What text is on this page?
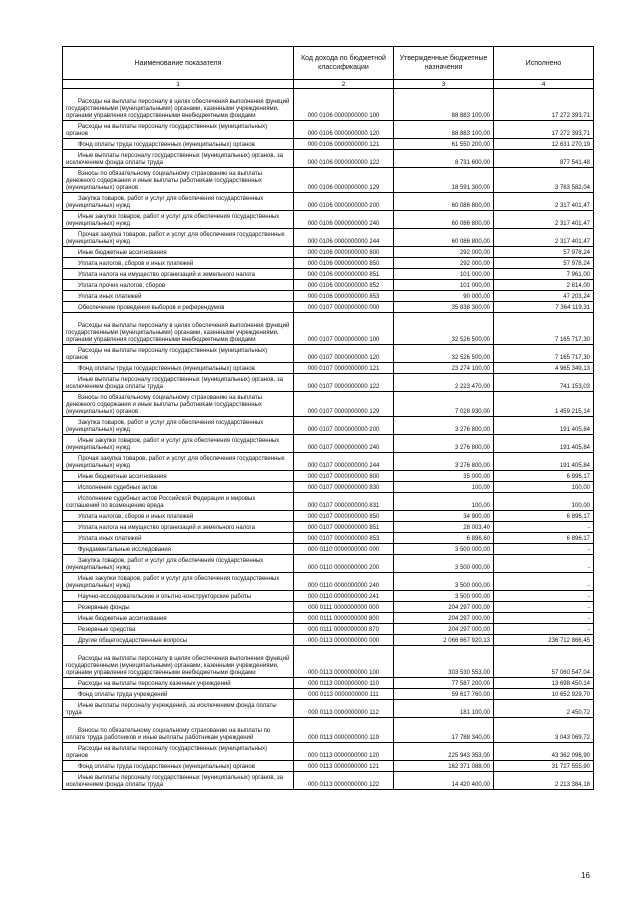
Наименование показателя	Код дохода по бюджетной классификации	Утвержденные бюджетные назначения	Исполнено
1	2	3	4
Расходы на выплаты персоналу в целях обеспечения выполнения функций государственными (муниципальными) органами, казенными учреждениями, органами управления государственными внебюджетными фондами	000 0106 0000000000 100	88 883 100,00	17 272 393,71
Расходы на выплаты персоналу государственных (муниципальных) органов	000 0106 0000000000 120	88 883 100,00	17 272 393,71
Фонд оплаты труда государственных (муниципальных) органов	000 0106 0000000000 121	61 550 200,00	12 631 270,19
Иные выплаты персоналу государственных (муниципальных) органов, за исключением фонда оплаты труда	000 0106 0000000000 122	8 731 600,00	877 541,48
Взносы по обязательному социальному страхованию на выплаты денежного содержания и иные выплаты работникам государственных (муниципальных) органов	000 0106 0000000000 129	18 591 300,00	3 763 582,04
Закупка товаров, работ и услуг для обеспечения государственных (муниципальных) нужд	000 0106 0000000000 200	60 086 800,00	2 317 401,47
Иные закупки товаров, работ и услуг для обеспечения государственных (муниципальных) нужд	000 0106 0000000000 240	60 086 800,00	2 317 401,47
Прочая закупка товаров, работ и услуг для обеспечения государственных (муниципальных) нужд	000 0106 0000000000 244	60 086 800,00	2 317 401,47
Иные бюджетные ассигнования	000 0106 0000000000 800	292 000,00	57 978,24
Уплата налогов, сборов и иных платежей	000 0106 0000000000 850	292 000,00	57 978,24
Уплата налога на имущество организаций и земельного налога	000 0106 0000000000 851	101 000,00	7 961,00
Уплата прочих налогов, сборов	000 0106 0000000000 852	101 000,00	2 814,00
Уплата иных платежей	000 0106 0000000000 853	90 000,00	47 203,24
Обеспечение проведения выборов и референдумов	000 0107 0000000000 000	35 838 300,00	7 364 119,31
Расходы на выплаты персоналу в целях обеспечения выполнения функций государственными (муниципальными) органами, казенными учреждениями, органами управления государственными внебюджетными фондами	000 0107 0000000000 100	32 526 500,00	7 165 717,30
Расходы на выплаты персоналу государственных (муниципальных) органов	000 0107 0000000000 120	32 526 500,00	7 165 717,30
Фонд оплаты труда государственных (муниципальных) органов	000 0107 0000000000 121	23 274 100,00	4 965 349,13
Иные выплаты персоналу государственных (муниципальных) органов, за исключением фонда оплаты труда	000 0107 0000000000 122	2 223 470,00	741 153,03
Взносы по обязательному социальному страхованию на выплаты денежного содержания и иные выплаты работникам государственных (муниципальных) органов	000 0107 0000000000 129	7 028 930,00	1 459 215,14
Закупка товаров, работ и услуг для обеспечения государственных (муниципальных) нужд	000 0107 0000000000 200	3 276 800,00	191 405,84
Иные закупки товаров, работ и услуг для обеспечения государственных (муниципальных) нужд	000 0107 0000000000 240	3 276 800,00	191 405,84
Прочая закупка товаров, работ и услуг для обеспечения государственных (муниципальных) нужд	000 0107 0000000000 244	3 276 800,00	191 405,84
Иные бюджетные ассигнования	000 0107 0000000000 800	35 000,00	6 996,17
Исполнение судебных актов	000 0107 0000000000 830	100,00	100,00
Исполнение судебных актов Российской Федерации и мировых соглашений по возмещению вреда	000 0107 0000000000 831	100,00	100,00
Уплата налогов, сборов и иных платежей	000 0107 0000000000 850	34 900,00	6 896,17
Уплата налога на имущество организаций и земельного налога	000 0107 0000000000 851	28 003,40	-
Уплата иных платежей	000 0107 0000000000 853	6 896,60	6 896,17
Фундаментальные исследования	000 0110 0000000000 000	3 500 000,00	-
Закупка товаров, работ и услуг для обеспечения государственных (муниципальных) нужд	000 0110 0000000000 200	3 500 000,00	-
Иные закупки товаров, работ и услуг для обеспечения государственных (муниципальных) нужд	000 0110 0000000000 240	3 500 000,00	-
Научно-исследовательские и опытно-конструкторские работы	000 0110 0000000000 241	3 500 000,00	-
Резервные фонды	000 0111 0000000000 000	204 297 000,00	-
Иные бюджетные ассигнования	000 0111 0000000000 800	204 297 000,00	-
Резервные средства	000 0111 0000000000 870	204 297 000,00	-
Другие общегосударственные вопросы	000 0113 0000000000 000	2 066 667 920,13	236 712 866,45
Расходы на выплаты персоналу в целях обеспечения выполнения функций государственными (муниципальными) органами, казенными учреждениями, органами управления государственными внебюджетными фондами	000 0113 0000000000 100	303 530 553,00	57 060 547,04
Расходы на выплаты персоналу казенных учреждений	000 0113 0000000000 110	77 587 200,00	13 698 450,14
Фонд оплаты труда учреждений	000 0113 0000000000 111	59 617 760,00	10 652 929,70
Иные выплаты персоналу учреждений, за исключением фонда оплаты труда	000 0113 0000000000 112	181 100,00	2 450,72
Взносы по обязательному социальному страхованию на выплаты по оплате труда работников и иные выплаты работникам учреждений	000 0113 0000000000 119	17 788 340,00	3 043 069,72
Расходы на выплаты персоналу государственных (муниципальных) органов	000 0113 0000000000 120	225 943 353,00	43 362 096,90
Фонд оплаты труда государственных (муниципальных) органов	000 0113 0000000000 121	162 371 088,00	31 727 555,90
Иные выплаты персоналу государственных (муниципальных) органов, за исключением фонда оплаты труда	000 0113 0000000000 122	14 420 400,00	2 213 384,18
16
